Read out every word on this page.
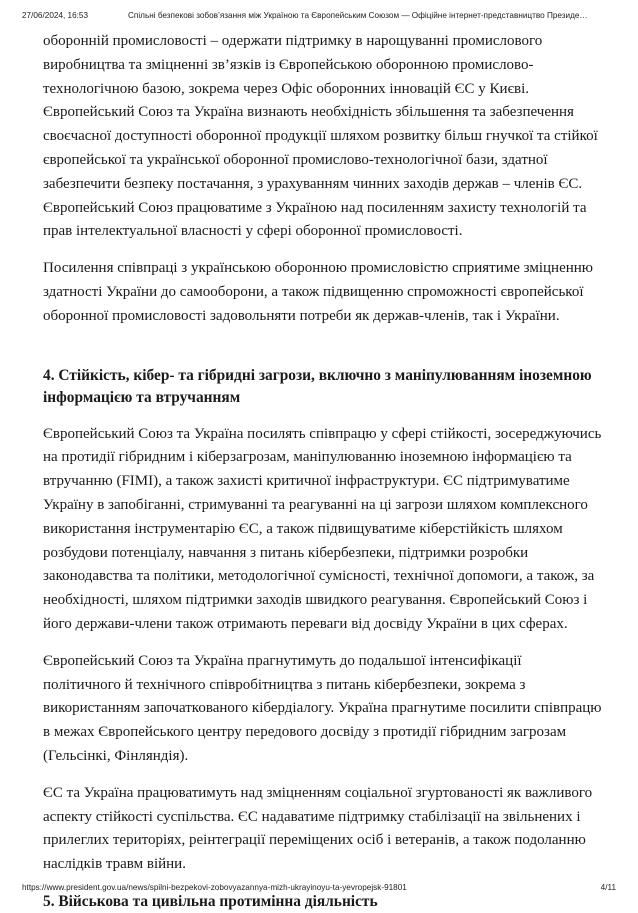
27/06/2024, 16:53	Спільні безпекові зобов’язання між Україною та Європейським Союзом — Офіційне інтернет-представництво Президе…

оборонній промисловості – одержати підтримку в нарощуванні промислового виробництва та зміцненні зв’язків із Європейською оборонною промислово-технологічною базою, зокрема через Офіс оборонних інновацій ЄС у Києві. Європейський Союз та Україна визнають необхідність збільшення та забезпечення своєчасної доступності оборонної продукції шляхом розвитку більш гнучкої та стійкої європейської та української оборонної промислово-технологічної бази, здатної забезпечити безпеку постачання, з урахуванням чинних заходів держав – членів ЄС. Європейський Союз працюватиме з Україною над посиленням захисту технологій та прав інтелектуальної власності у сфері оборонної промисловості.

Посилення співпраці з українською оборонною промисловістю сприятиме зміцненню здатності України до самооборони, а також підвищенню спроможності європейської оборонної промисловості задовольняти потреби як держав-членів, так і України.

4. Стійкість, кібер- та гібридні загрози, включно з маніпулюванням іноземною інформацією та втручанням

Європейський Союз та Україна посилять співпрацю у сфері стійкості, зосереджуючись на протидії гібридним і кіберзагрозам, маніпулюванню іноземною інформацією та втручанню (FIMI), а також захисті критичної інфраструктури. ЄС підтримуватиме Україну в запобіганні, стримуванні та реагуванні на ці загрози шляхом комплексного використання інструментарію ЄС, а також підвищуватиме кіберстійкість шляхом розбудови потенціалу, навчання з питань кібербезпеки, підтримки розробки законодавства та політики, методологічної сумісності, технічної допомоги, а також, за необхідності, шляхом підтримки заходів швидкого реагування. Європейський Союз і його держави-члени також отримають переваги від досвіду України в цих сферах.

Європейський Союз та Україна прагнутимуть до подальшої інтенсифікації політичного й технічного співробітництва з питань кібербезпеки, зокрема з використанням започаткованого кібердіалогу. Україна прагнутиме посилити співпрацю в межах Європейського центру передового досвіду з протидії гібридним загрозам (Гельсінкі, Фінляндія).

ЄС та Україна працюватимуть над зміцненням соціальної згуртованості як важливого аспекту стійкості суспільства. ЄС надаватиме підтримку стабілізації на звільнених і прилеглих територіях, реінтеграції переміщених осіб і ветеранів, а також подоланню наслідків травм війни.

5. Військова та цивільна протимінна діяльність
https://www.president.gov.ua/news/spilni-bezpekovi-zobovyazannya-mizh-ukrayinoyu-ta-yevropejsk-91801	4/11
